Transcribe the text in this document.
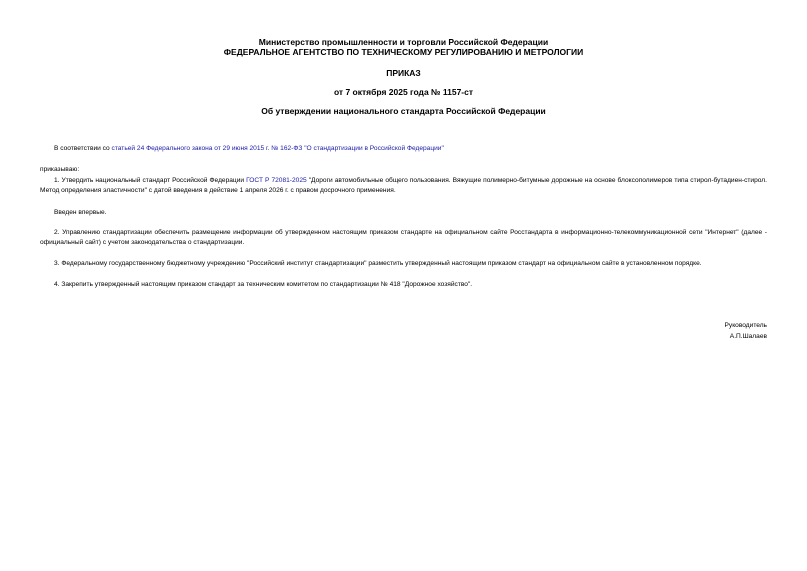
Министерство промышленности и торговли Российской Федерации
ФЕДЕРАЛЬНОЕ АГЕНТСТВО ПО ТЕХНИЧЕСКОМУ РЕГУЛИРОВАНИЮ И МЕТРОЛОГИИ
ПРИКАЗ
от 7 октября 2025 года № 1157-ст
Об утверждении национального стандарта Российской Федерации
В соответствии со статьей 24 Федерального закона от 29 июня 2015 г. № 162-ФЗ "О стандартизации в Российской Федерации"
приказываю:
1. Утвердить национальный стандарт Российской Федерации ГОСТ Р 72081-2025 "Дороги автомобильные общего пользования. Вяжущие полимерно-битумные дорожные на основе блоксополимеров типа стирол-бутадиен-стирол. Метод определения эластичности" с датой введения в действие 1 апреля 2026 г. с правом досрочного применения.
Введен впервые.
2. Управлению стандартизации обеспечить размещение информации об утвержденном настоящим приказом стандарте на официальном сайте Росстандарта в информационно-телекоммуникационной сети "Интернет" (далее - официальный сайт) с учетом законодательства о стандартизации.
3. Федеральному государственному бюджетному учреждению "Российский институт стандартизации" разместить утвержденный настоящим приказом стандарт на официальном сайте в установленном порядке.
4. Закрепить утвержденный настоящим приказом стандарт за техническим комитетом по стандартизации № 418 "Дорожное хозяйство".
Руководитель
А.П.Шалаев
